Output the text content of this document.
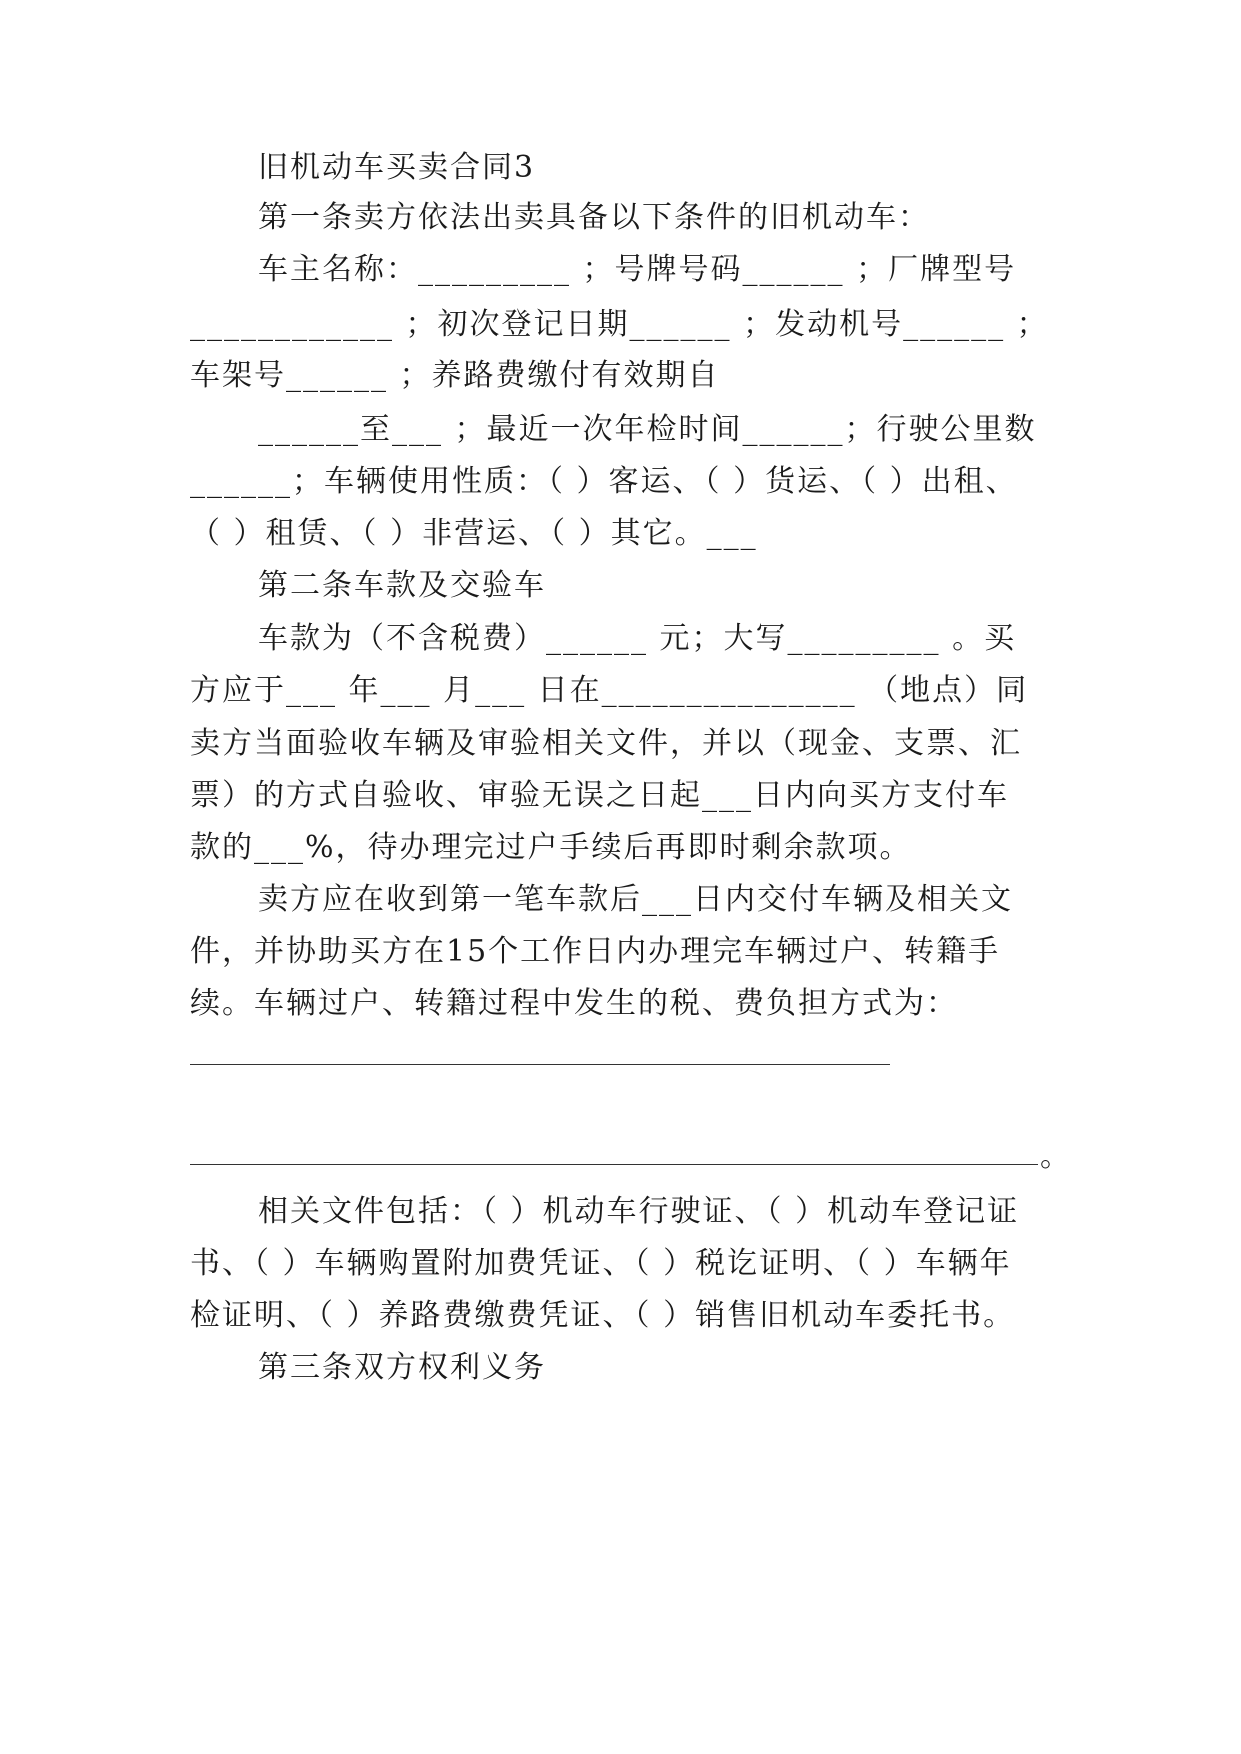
旧机动车买卖合同3
第一条卖方依法出卖具备以下条件的旧机动车：
车主名称：_________ ；号牌号码______ ；厂牌型号
____________ ；初次登记日期______ ；发动机号______ ；
车架号______ ；养路费缴付有效期自
______至___ ；最近一次年检时间______；行驶公里数
______；车辆使用性质：（ ）客运、（ ）货运、（ ）出租、
（ ）租赁、（ ）非营运、（ ）其它。___
第二条车款及交验车
车款为（不含税费）______ 元；大写_________ 。买
方应于___ 年___ 月___ 日在_______________ （地点）同
卖方当面验收车辆及审验相关文件，并以（现金、支票、汇
票）的方式自验收、审验无误之日起___日内向买方支付车
款的___%，待办理完过户手续后再即时剩余款项。
卖方应在收到第一笔车款后___日内交付车辆及相关文
件，并协助买方在15个工作日内办理完车辆过户、转籍手
续。车辆过户、转籍过程中发生的税、费负担方式为：
。
相关文件包括：（ ）机动车行驶证、（ ）机动车登记证
书、（ ）车辆购置附加费凭证、（ ）税讫证明、（ ）车辆年
检证明、（ ）养路费缴费凭证、（ ）销售旧机动车委托书。
第三条双方权利义务
